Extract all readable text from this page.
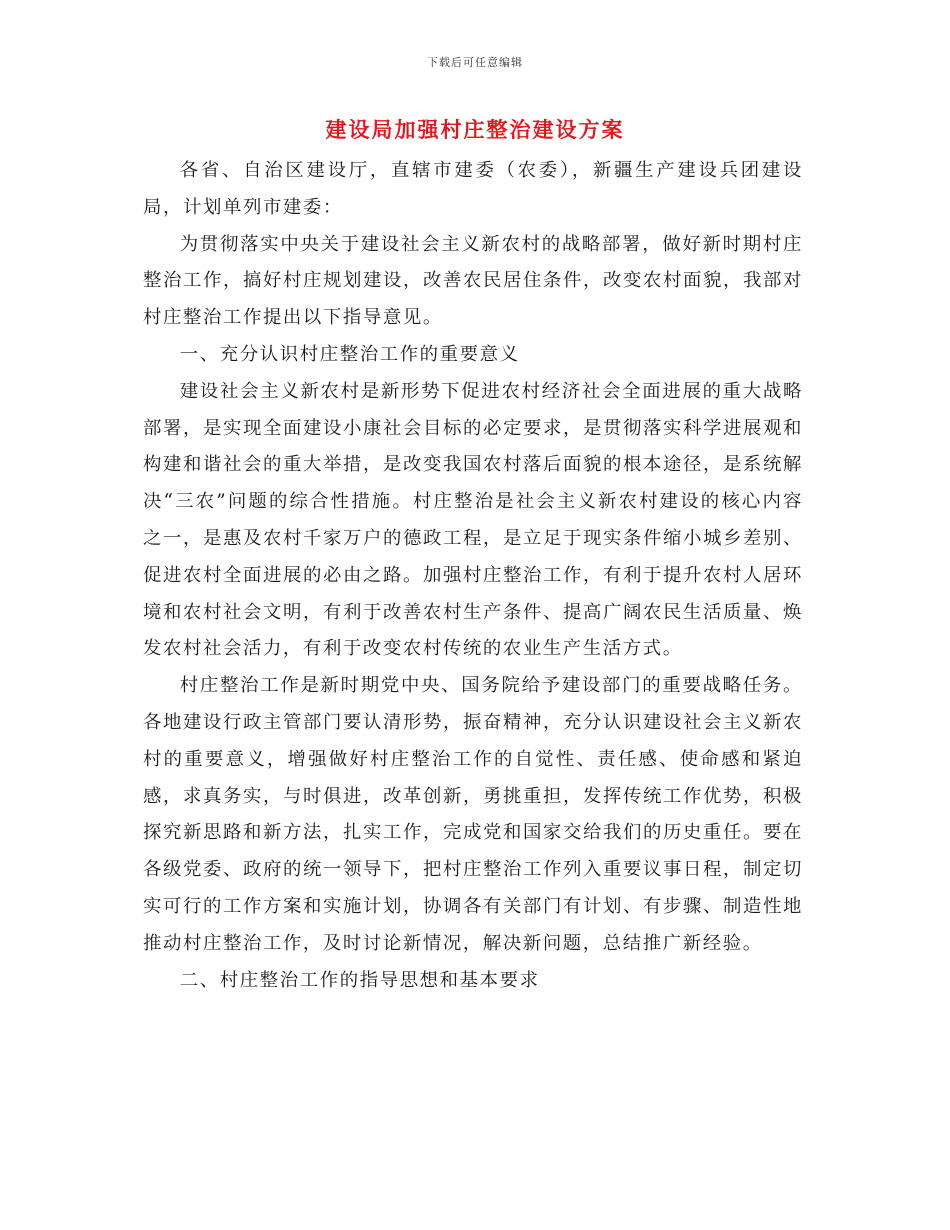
下载后可任意编辑
建设局加强村庄整治建设方案

各省、自治区建设厅，直辖市建委（农委），新疆生产建设兵团建设局，计划单列市建委：

为贯彻落实中央关于建设社会主义新农村的战略部署，做好新时期村庄整治工作，搞好村庄规划建设，改善农民居住条件，改变农村面貌，我部对村庄整治工作提出以下指导意见。

一、充分认识村庄整治工作的重要意义

建设社会主义新农村是新形势下促进农村经济社会全面进展的重大战略部署，是实现全面建设小康社会目标的必定要求，是贯彻落实科学进展观和构建和谐社会的重大举措，是改变我国农村落后面貌的根本途径，是系统解决“三农”问题的综合性措施。村庄整治是社会主义新农村建设的核心内容之一，是惠及农村千家万户的德政工程，是立足于现实条件缩小城乡差别、促进农村全面进展的必由之路。加强村庄整治工作，有利于提升农村人居环境和农村社会文明，有利于改善农村生产条件、提高广阔农民生活质量、焕发农村社会活力，有利于改变农村传统的农业生产生活方式。

村庄整治工作是新时期党中央、国务院给予建设部门的重要战略任务。各地建设行政主管部门要认清形势，振奋精神，充分认识建设社会主义新农村的重要意义，增强做好村庄整治工作的自觉性、责任感、使命感和紧迫感，求真务实，与时俱进，改革创新，勇挑重担，发挥传统工作优势，积极探究新思路和新方法，扎实工作，完成党和国家交给我们的历史重任。要在各级党委、政府的统一领导下，把村庄整治工作列入重要议事日程，制定切实可行的工作方案和实施计划，协调各有关部门有计划、有步骤、制造性地推动村庄整治工作，及时讨论新情况，解决新问题，总结推广新经验。

二、村庄整治工作的指导思想和基本要求
